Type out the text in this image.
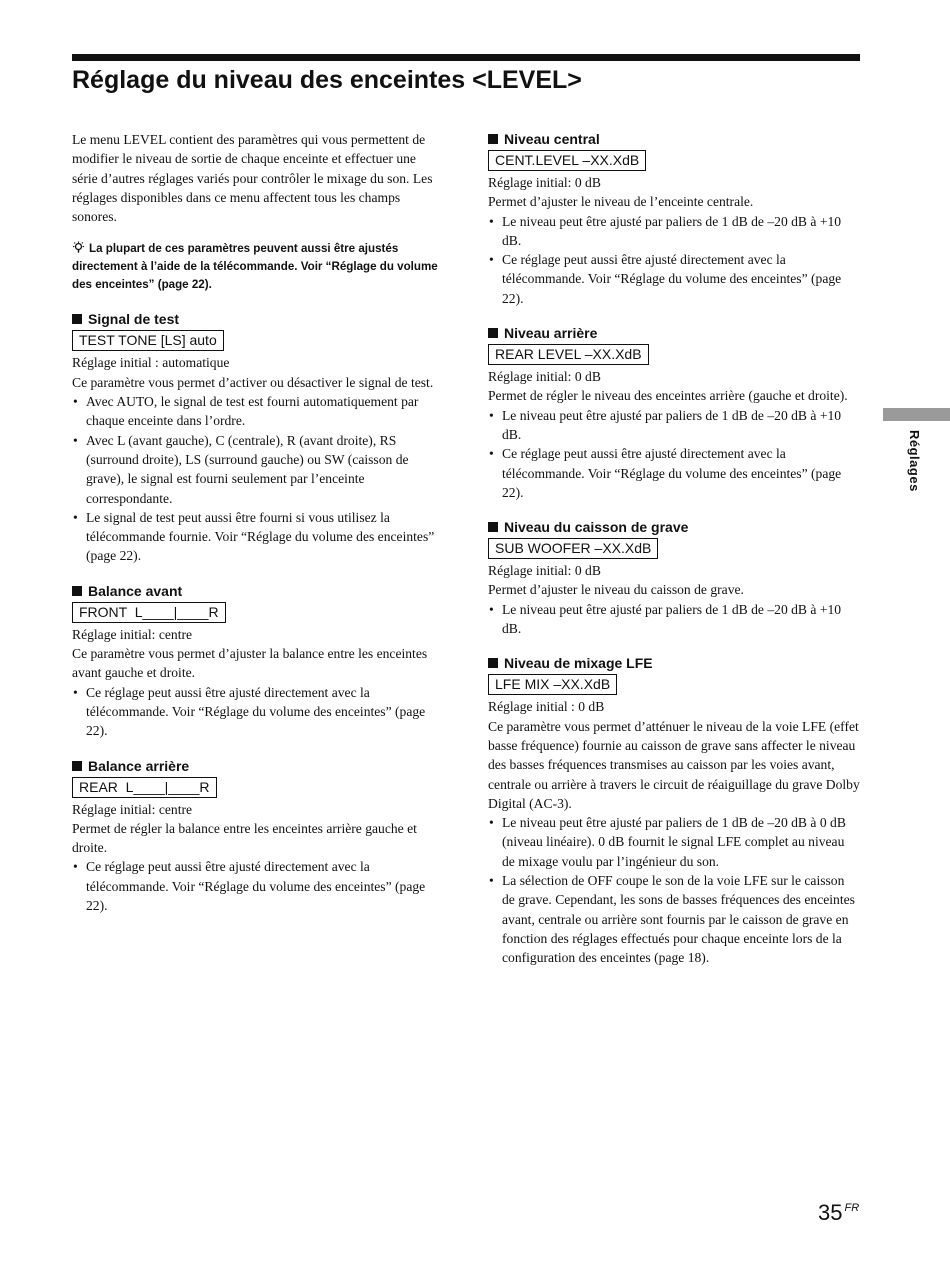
Réglage du niveau des enceintes <LEVEL>

Le menu LEVEL contient des paramètres qui vous permettent de modifier le niveau de sortie de chaque enceinte et effectuer une série d’autres réglages variés pour contrôler le mixage du son. Les réglages disponibles dans ce menu affectent tous les champs sonores.

La plupart de ces paramètres peuvent aussi être ajustés directement à l’aide de la télécommande. Voir “Réglage du volume des enceintes” (page 22).

Signal de test

TEST TONE [LS] auto

Réglage initial : automatique

Ce paramètre vous permet d’activer ou désactiver le signal de test.

• Avec AUTO, le signal de test est fourni automatiquement par chaque enceinte dans l’ordre.
• Avec L (avant gauche), C (centrale), R (avant droite), RS (surround droite), LS (surround gauche) ou SW (caisson de grave), le signal est fourni seulement par l’enceinte correspondante.
• Le signal de test peut aussi être fourni si vous utilisez la télécommande fournie. Voir “Réglage du volume des enceintes” (page 22).

Balance avant

FRONT  L____|____R

Réglage initial: centre

Ce paramètre vous permet d’ajuster la balance entre les enceintes avant gauche et droite.

• Ce réglage peut aussi être ajusté directement avec la télécommande. Voir “Réglage du volume des enceintes” (page 22).

Balance arrière

REAR  L____|____R

Réglage initial: centre

Permet de régler la balance entre les enceintes arrière gauche et droite.

• Ce réglage peut aussi être ajusté directement avec la télécommande. Voir “Réglage du volume des enceintes” (page 22).

Niveau central

CENT.LEVEL –XX.XdB

Réglage initial: 0 dB

Permet d’ajuster le niveau de l’enceinte centrale.

• Le niveau peut être ajusté par paliers de 1 dB de –20 dB à +10 dB.
• Ce réglage peut aussi être ajusté directement avec la télécommande. Voir “Réglage du volume des enceintes” (page 22).

Niveau arrière

REAR LEVEL –XX.XdB

Réglage initial: 0 dB

Permet de régler le niveau des enceintes arrière (gauche et droite).

• Le niveau peut être ajusté par paliers de 1 dB de –20 dB à +10 dB.
• Ce réglage peut aussi être ajusté directement avec la télécommande. Voir “Réglage du volume des enceintes” (page 22).

Niveau du caisson de grave

SUB WOOFER –XX.XdB

Réglage initial: 0 dB

Permet d’ajuster le niveau du caisson de grave.

• Le niveau peut être ajusté par paliers de 1 dB de –20 dB à +10 dB.

Niveau de mixage LFE

LFE MIX –XX.XdB

Réglage initial : 0 dB

Ce paramètre vous permet d’atténuer le niveau de la voie LFE (effet basse fréquence) fournie au caisson de grave sans affecter le niveau des basses fréquences transmises au caisson par les voies avant, centrale ou arrière à travers le circuit de réaiguillage du grave Dolby Digital (AC-3).

• Le niveau peut être ajusté par paliers de 1 dB de –20 dB à 0 dB (niveau linéaire). 0 dB fournit le signal LFE complet au niveau de mixage voulu par l’ingénieur du son.
• La sélection de OFF coupe le son de la voie LFE sur le caisson de grave. Cependant, les sons de basses fréquences des enceintes avant, centrale ou arrière sont fournis par le caisson de grave en fonction des réglages effectués pour chaque enceinte lors de la configuration des enceintes (page 18).
Réglages
35 $^{FR}$
